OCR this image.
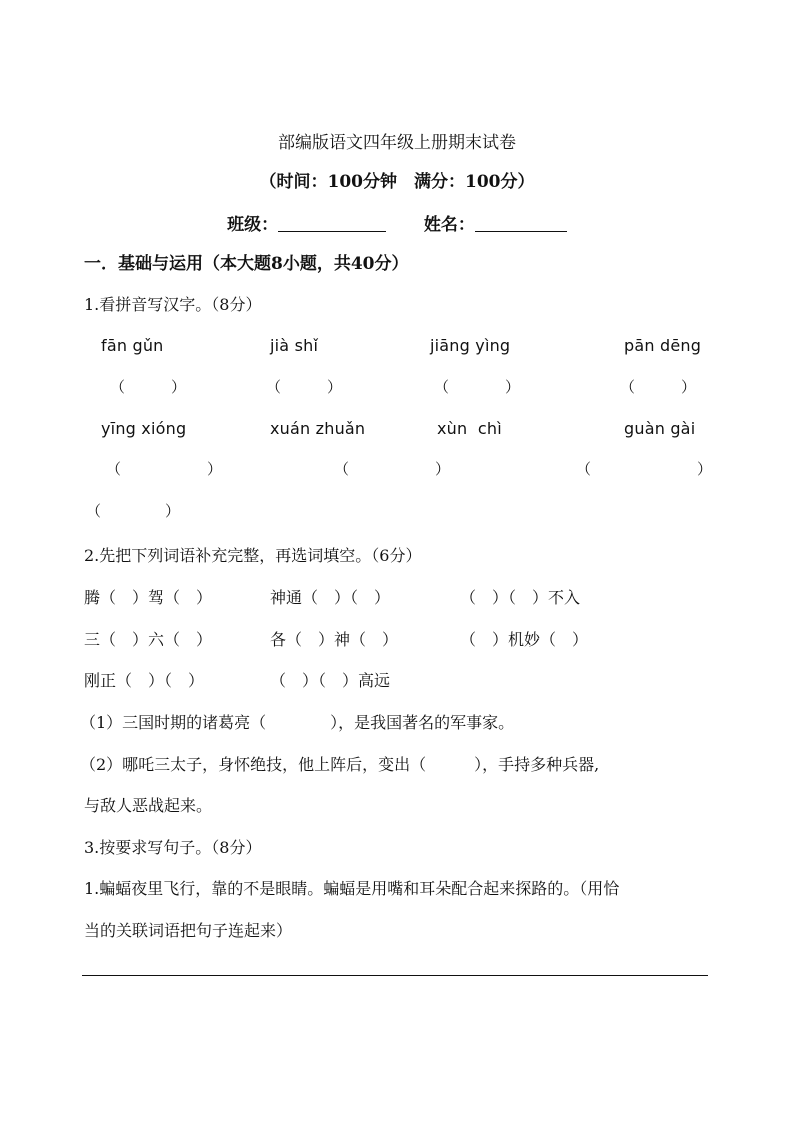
部编版语文四年级上册期末试卷
（时间：100分钟　满分：100分）
班级：	姓名：
一．基础与运用（本大题8小题，共40分）
1.看拼音写汉字。（8分）
fān gǔn	jià shǐ	jiāng yìng	pān dēng
（	）	（	）	（	）	（	）
yīng xióng	xuán zhuǎn	xùn  chì	guàn gài
（	）	（	）	（	）
（	）
2.先把下列词语补充完整，再选词填空。（6分）
腾（　）驾（　）	神通（　）（　）	（　）（　）不入
三（　）六（　）	各（　）神（　）	（　）机妙（　）
刚正（　）（　）	（　）（　）高远
（1）三国时期的诸葛亮（　　　　），是我国著名的军事家。
（2）哪吒三太子，身怀绝技，他上阵后，变出（　　　），手持多种兵器,
与敌人恶战起来。
3.按要求写句子。（8分）
1.蝙蝠夜里飞行，靠的不是眼睛。蝙蝠是用嘴和耳朵配合起来探路的。（用恰
当的关联词语把句子连起来）
